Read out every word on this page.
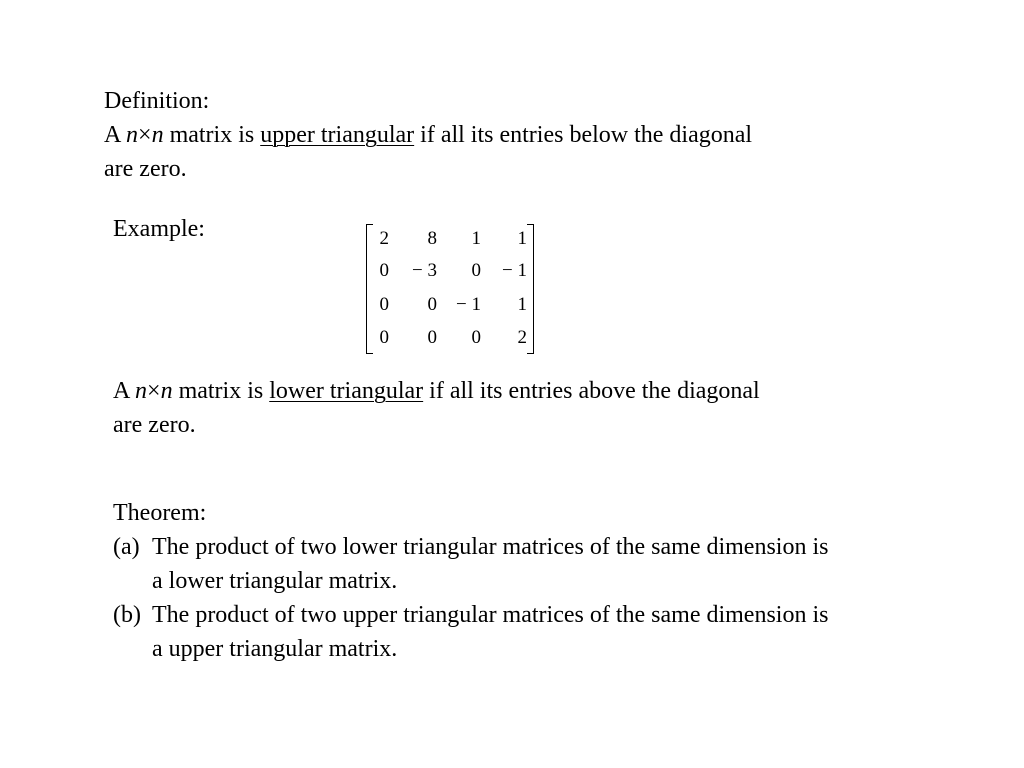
Definition:
A n×n matrix is upper triangular if all its entries below the diagonal
are zero.
Example:	2	8	1	1
0	− 3	0	− 1
0	0	− 1	1
0	0	0	2
A n×n matrix is lower triangular if all its entries above the diagonal
are zero.
Theorem:
(a) The product of two lower triangular matrices of the same dimension is
a lower triangular matrix.
(b) The product of two upper triangular matrices of the same dimension is
a upper triangular matrix.
